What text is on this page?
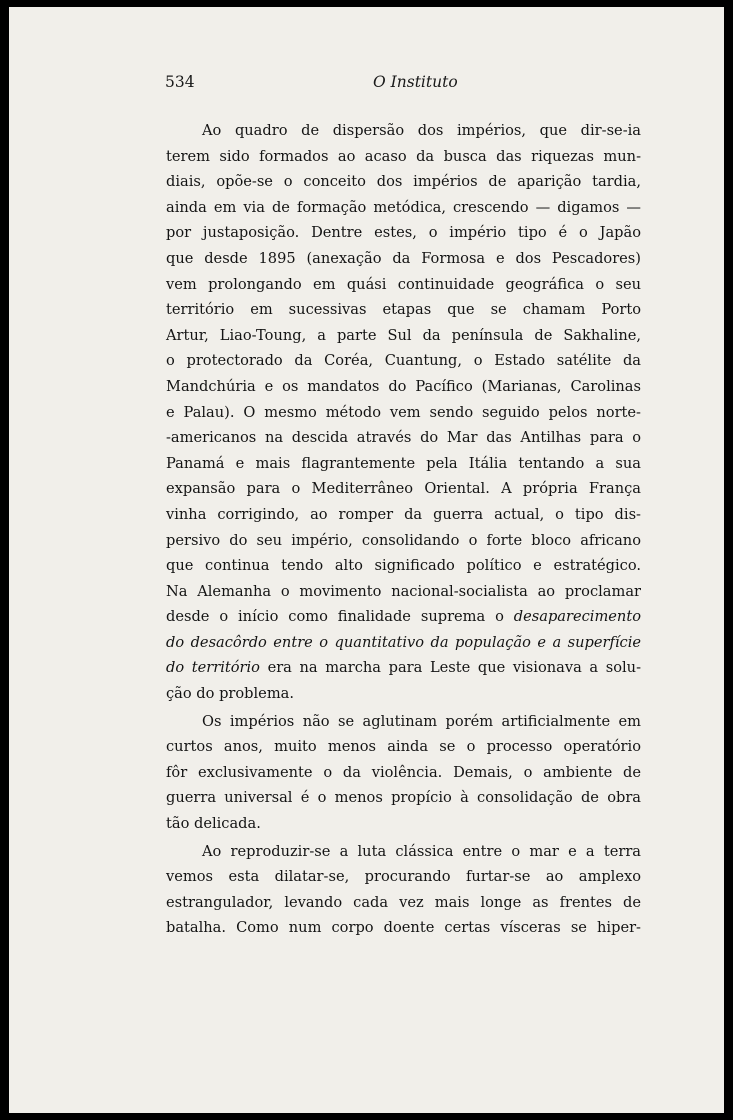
534	O Instituto

Ao quadro de dispersão dos impérios, que dir-se-ia
terem sido formados ao acaso da busca das riquezas mun-
diais, opõe-se o conceito dos impérios de aparição tardia,
ainda em via de formação metódica, crescendo — digamos —
por justaposição. Dentre estes, o império tipo é o Japão
que desde 1895 (anexação da Formosa e dos Pescadores)
vem prolongando em quási continuidade geográfica o seu
território em sucessivas etapas que se chamam Porto
Artur, Liao-Toung, a parte Sul da península de Sakhaline,
o protectorado da Coréa, Cuantung, o Estado satélite da
Mandchúria e os mandatos do Pacífico (Marianas, Carolinas
e Palau). O mesmo método vem sendo seguido pelos norte-
-americanos na descida através do Mar das Antilhas para o
Panamá e mais flagrantemente pela Itália tentando a sua
expansão para o Mediterrâneo Oriental. A própria França
vinha corrigindo, ao romper da guerra actual, o tipo dis-
persivo do seu império, consolidando o forte bloco africano
que continua tendo alto significado político e estratégico.
Na Alemanha o movimento nacional-socialista ao proclamar
desde o início como finalidade suprema o desaparecimento
do desacôrdo entre o quantitativo da população e a superfície
do território era na marcha para Leste que visionava a solu-
ção do problema.

Os impérios não se aglutinam porém artificialmente em
curtos anos, muito menos ainda se o processo operatório
fôr exclusivamente o da violência. Demais, o ambiente de
guerra universal é o menos propício à consolidação de obra
tão delicada.

Ao reproduzir-se a luta clássica entre o mar e a terra
vemos esta dilatar-se, procurando furtar-se ao amplexo
estrangulador, levando cada vez mais longe as frentes de
batalha. Como num corpo doente certas vísceras se hiper-
